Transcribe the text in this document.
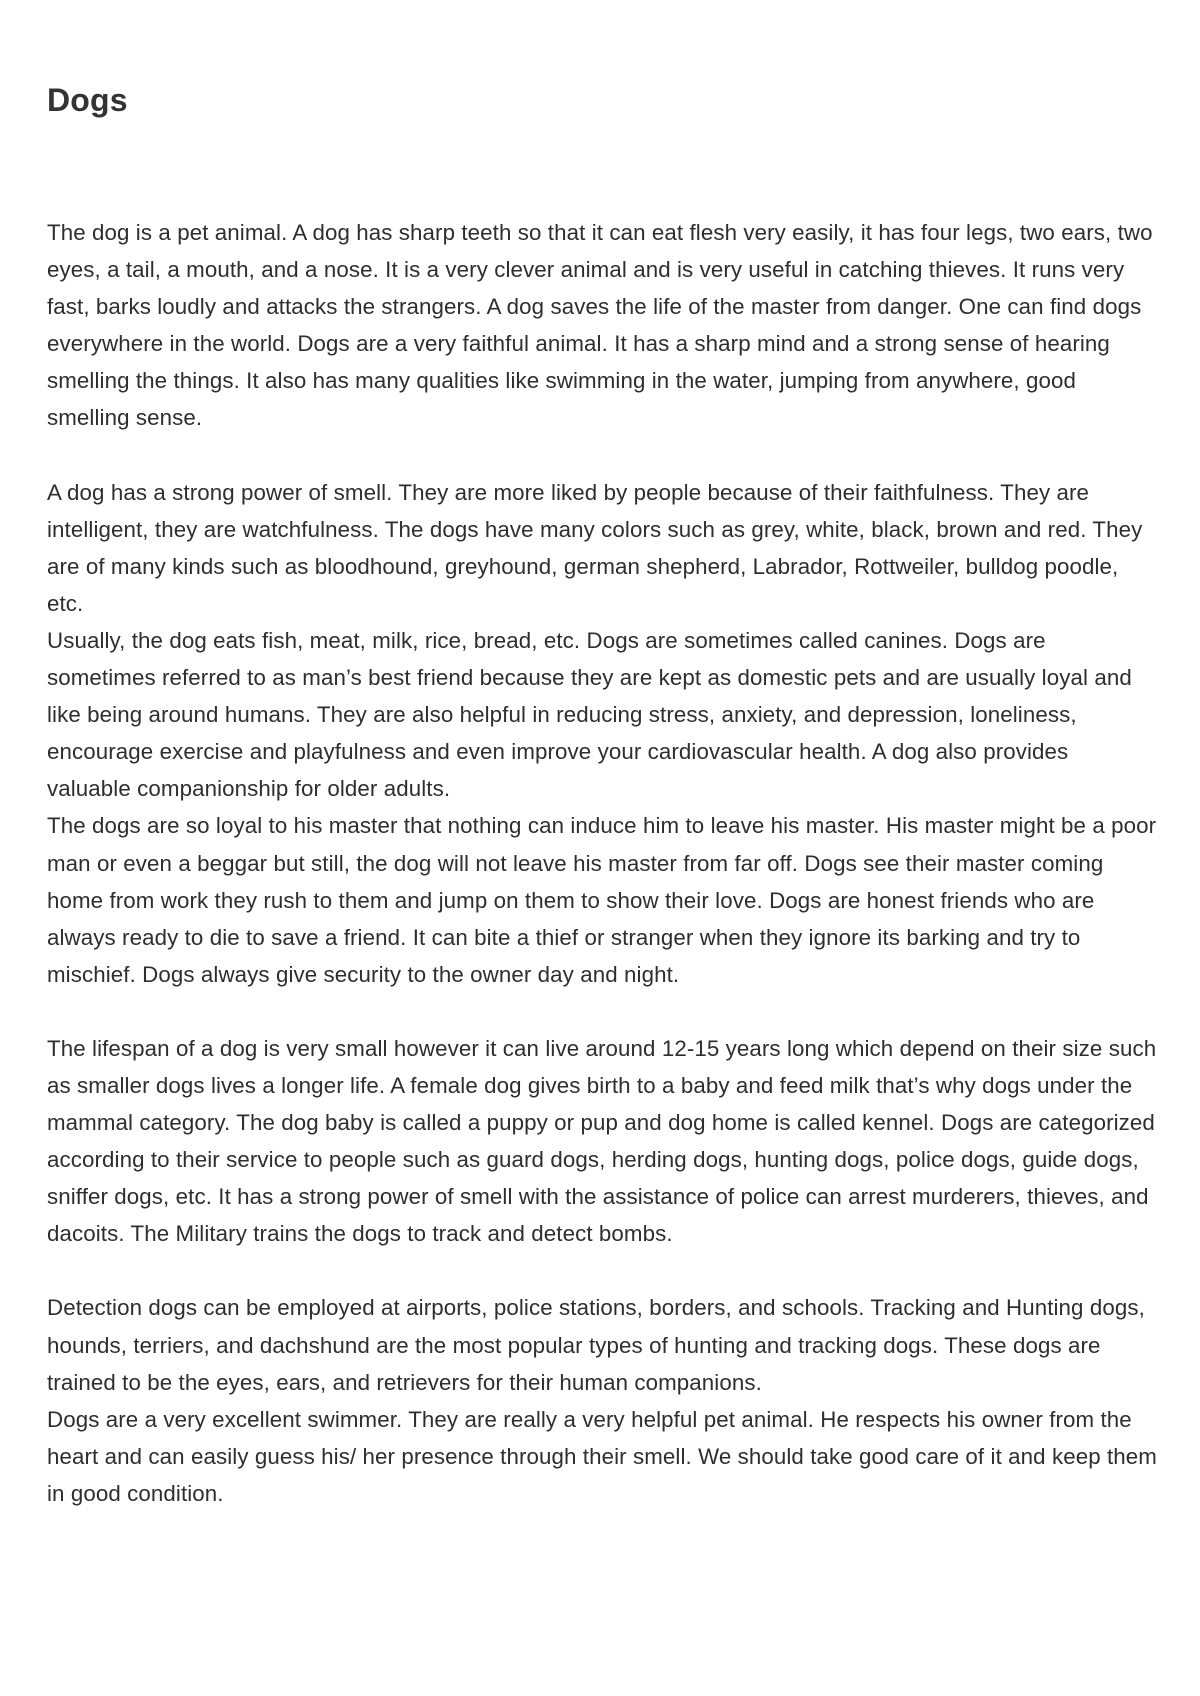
Dogs

The dog is a pet animal. A dog has sharp teeth so that it can eat flesh very easily, it has four legs, two ears, two eyes, a tail, a mouth, and a nose. It is a very clever animal and is very useful in catching thieves. It runs very fast, barks loudly and attacks the strangers. A dog saves the life of the master from danger. One can find dogs everywhere in the world. Dogs are a very faithful animal. It has a sharp mind and a strong sense of hearing smelling the things. It also has many qualities like swimming in the water, jumping from anywhere, good smelling sense.

A dog has a strong power of smell. They are more liked by people because of their faithfulness. They are intelligent, they are watchfulness. The dogs have many colors such as grey, white, black, brown and red. They are of many kinds such as bloodhound, greyhound, german shepherd, Labrador, Rottweiler, bulldog poodle, etc.

Usually, the dog eats fish, meat, milk, rice, bread, etc. Dogs are sometimes called canines. Dogs are sometimes referred to as man’s best friend because they are kept as domestic pets and are usually loyal and like being around humans. They are also helpful in reducing stress, anxiety, and depression, loneliness, encourage exercise and playfulness and even improve your cardiovascular health. A dog also provides valuable companionship for older adults.

The dogs are so loyal to his master that nothing can induce him to leave his master. His master might be a poor man or even a beggar but still, the dog will not leave his master from far off. Dogs see their master coming home from work they rush to them and jump on them to show their love. Dogs are honest friends who are always ready to die to save a friend. It can bite a thief or stranger when they ignore its barking and try to mischief. Dogs always give security to the owner day and night.

The lifespan of a dog is very small however it can live around 12-15 years long which depend on their size such as smaller dogs lives a longer life. A female dog gives birth to a baby and feed milk that’s why dogs under the mammal category. The dog baby is called a puppy or pup and dog home is called kennel. Dogs are categorized according to their service to people such as guard dogs, herding dogs, hunting dogs, police dogs, guide dogs, sniffer dogs, etc. It has a strong power of smell with the assistance of police can arrest murderers, thieves, and dacoits. The Military trains the dogs to track and detect bombs.

Detection dogs can be employed at airports, police stations, borders, and schools. Tracking and Hunting dogs, hounds, terriers, and dachshund are the most popular types of hunting and tracking dogs. These dogs are trained to be the eyes, ears, and retrievers for their human companions.

Dogs are a very excellent swimmer. They are really a very helpful pet animal. He respects his owner from the heart and can easily guess his/ her presence through their smell. We should take good care of it and keep them in good condition.
